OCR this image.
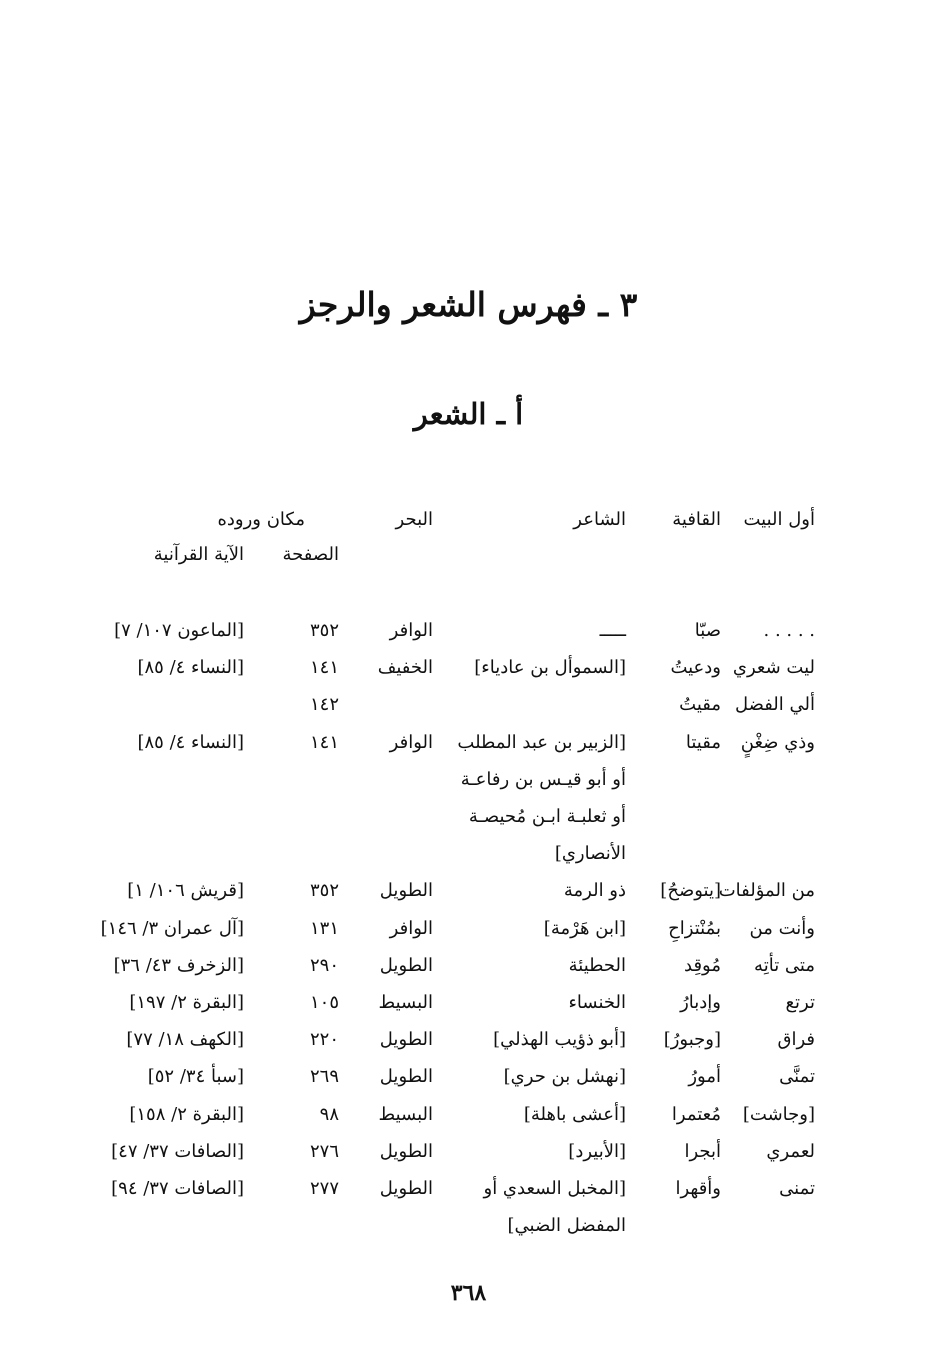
٣ ـ فهرس الشعر والرجز
أ ـ الشعر
أول البيت
القافية
الشاعر
البحر
مكان وروده
الصفحة
الآية القرآنية
. . . . .
صبّا
ـــــ
الوافر
٣٥٢
[الماعون ١٠٧/ ٧]
ليت شعري
ودعيتُ
[السموأل بن عادياء]
الخفيف
١٤١
[النساء ٤/ ٨٥]
ألي الفضل
مقيتُ
١٤٢
وذي ضِغْنٍ
مقيتا
[الزبير بن عبد المطلب
الوافر
١٤١
[النساء ٤/ ٨٥]
أو أبو قيـس بن رفاعـة
أو ثعلبـة ابـن مُحيصـة
الأنصاري]
من المؤلفات
[يتوضحُ]
ذو الرمة
الطويل
٣٥٢
[قريش ١٠٦/ ١]
وأنت من
بمُنْتزاحِ
[ابن هَرْمة]
الوافر
١٣١
[آل عمران ٣/ ١٤٦]
متى تأتِه
مُوقِد
الحطيئة
الطويل
٢٩٠
[الزخرف ٤٣/ ٣٦]
ترتع
وإدبارُ
الخنساء
البسيط
١٠٥
[البقرة ٢/ ١٩٧]
فراق
[وجبورُ]
[أبو ذؤيب الهذلي]
الطويل
٢٢٠
[الكهف ١٨/ ٧٧]
تمنَّى
أمورُ
[نهشل بن حري]
الطويل
٢٦٩
[سبأ ٣٤/ ٥٢]
[وجاشت]
مُعتمرا
[أعشى باهلة]
البسيط
٩٨
[البقرة ٢/ ١٥٨]
لعمري
أبجرا
[الأبيرد]
الطويل
٢٧٦
[الصافات ٣٧/ ٤٧]
تمنى
وأقهرا
[المخبل السعدي أو
الطويل
٢٧٧
[الصافات ٣٧/ ٩٤]
المفضل الضبي]
٣٦٨
